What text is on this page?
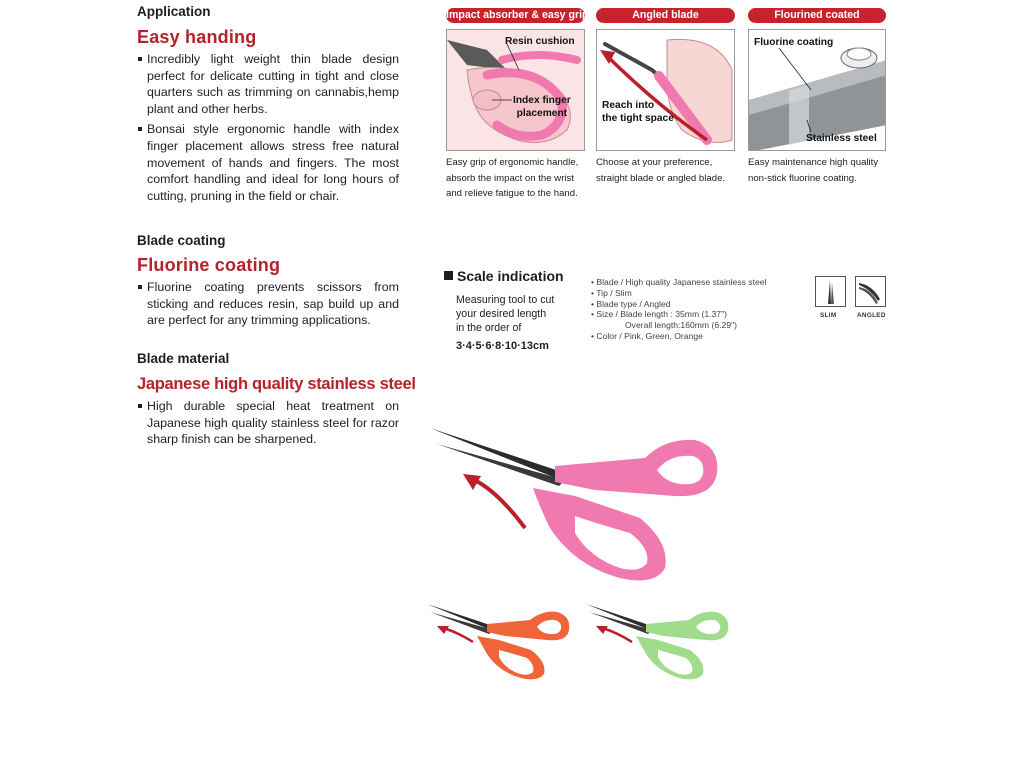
Application
Easy handing
Incredibly light weight thin blade design perfect for delicate cutting in tight and close quarters such as trimming on cannabis,hemp plant and other herbs.
Bonsai style ergonomic handle with index finger placement allows stress free natural movement of hands and fingers. The most comfort handling and ideal for long hours of cutting, pruning in the field or chair.
Blade coating
Fluorine coating
Fluorine coating prevents scissors from sticking and reduces resin, sap build up and are perfect for any trimming applications.
Blade material
Japanese high quality stainless steel
High durable special heat treatment on Japanese high quality stainless steel for razor sharp finish can be sharpened.
Impact absorber & easy grip
Resin cushion
Index finger
placement
Easy grip of ergonomic handle, absorb the impact on the wrist and relieve fatigue to the hand.
Angled blade
Reach into
the tight space
Choose at your preference, straight blade or angled blade.
Flourined coated
Fluorine coating
Stainless steel
Easy maintenance high quality non-stick fluorine coating.
Scale indication
Measuring tool to cut
your desired length
in the order of
3·4·5·6·8·10·13cm
• Blade / High quality Japanese stainless steel
• Tip / Slim
• Blade type / Angled
• Size / Blade length : 35mm (1.37")
Overall length:160mm (6.29")
• Color / Pink, Green, Orange
SLIM	ANGLED
